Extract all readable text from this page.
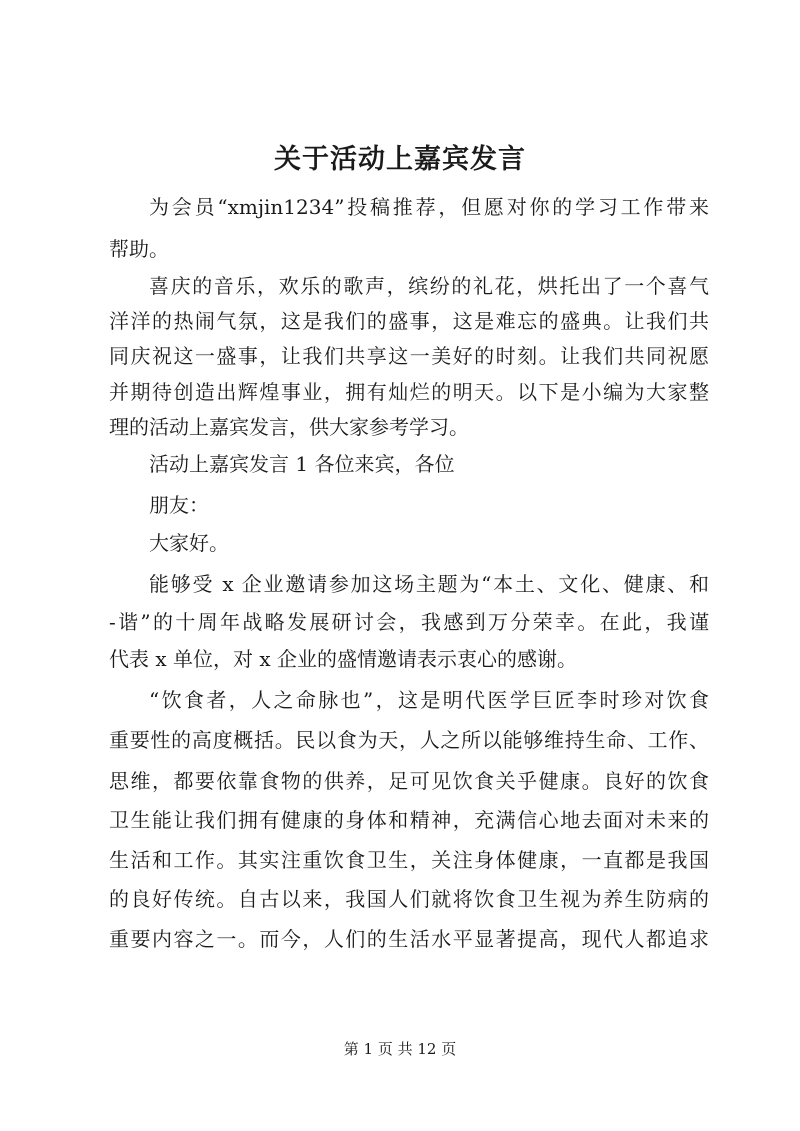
关于活动上嘉宾发言
为会员“xmjin1234”投稿推荐，但愿对你的学习工作带来
帮助。
喜庆的音乐，欢乐的歌声，缤纷的礼花，烘托出了一个喜气
洋洋的热闹气氛，这是我们的盛事，这是难忘的盛典。让我们共
同庆祝这一盛事，让我们共享这一美好的时刻。让我们共同祝愿
并期待创造出辉煌事业，拥有灿烂的明天。以下是小编为大家整
理的活动上嘉宾发言，供大家参考学习。
活动上嘉宾发言 1 各位来宾，各位
朋友：
大家好。
能够受 x 企业邀请参加这场主题为“本土、文化、健康、和
-谐”的十周年战略发展研讨会，我感到万分荣幸。在此，我谨
代表 x 单位，对 x 企业的盛情邀请表示衷心的感谢。
“饮食者，人之命脉也”，这是明代医学巨匠李时珍对饮食
重要性的高度概括。民以食为天，人之所以能够维持生命、工作、
思维，都要依靠食物的供养，足可见饮食关乎健康。良好的饮食
卫生能让我们拥有健康的身体和精神，充满信心地去面对未来的
生活和工作。其实注重饮食卫生，关注身体健康，一直都是我国
的良好传统。自古以来，我国人们就将饮食卫生视为养生防病的
重要内容之一。而今，人们的生活水平显著提高，现代人都追求
第 1 页 共 12 页
